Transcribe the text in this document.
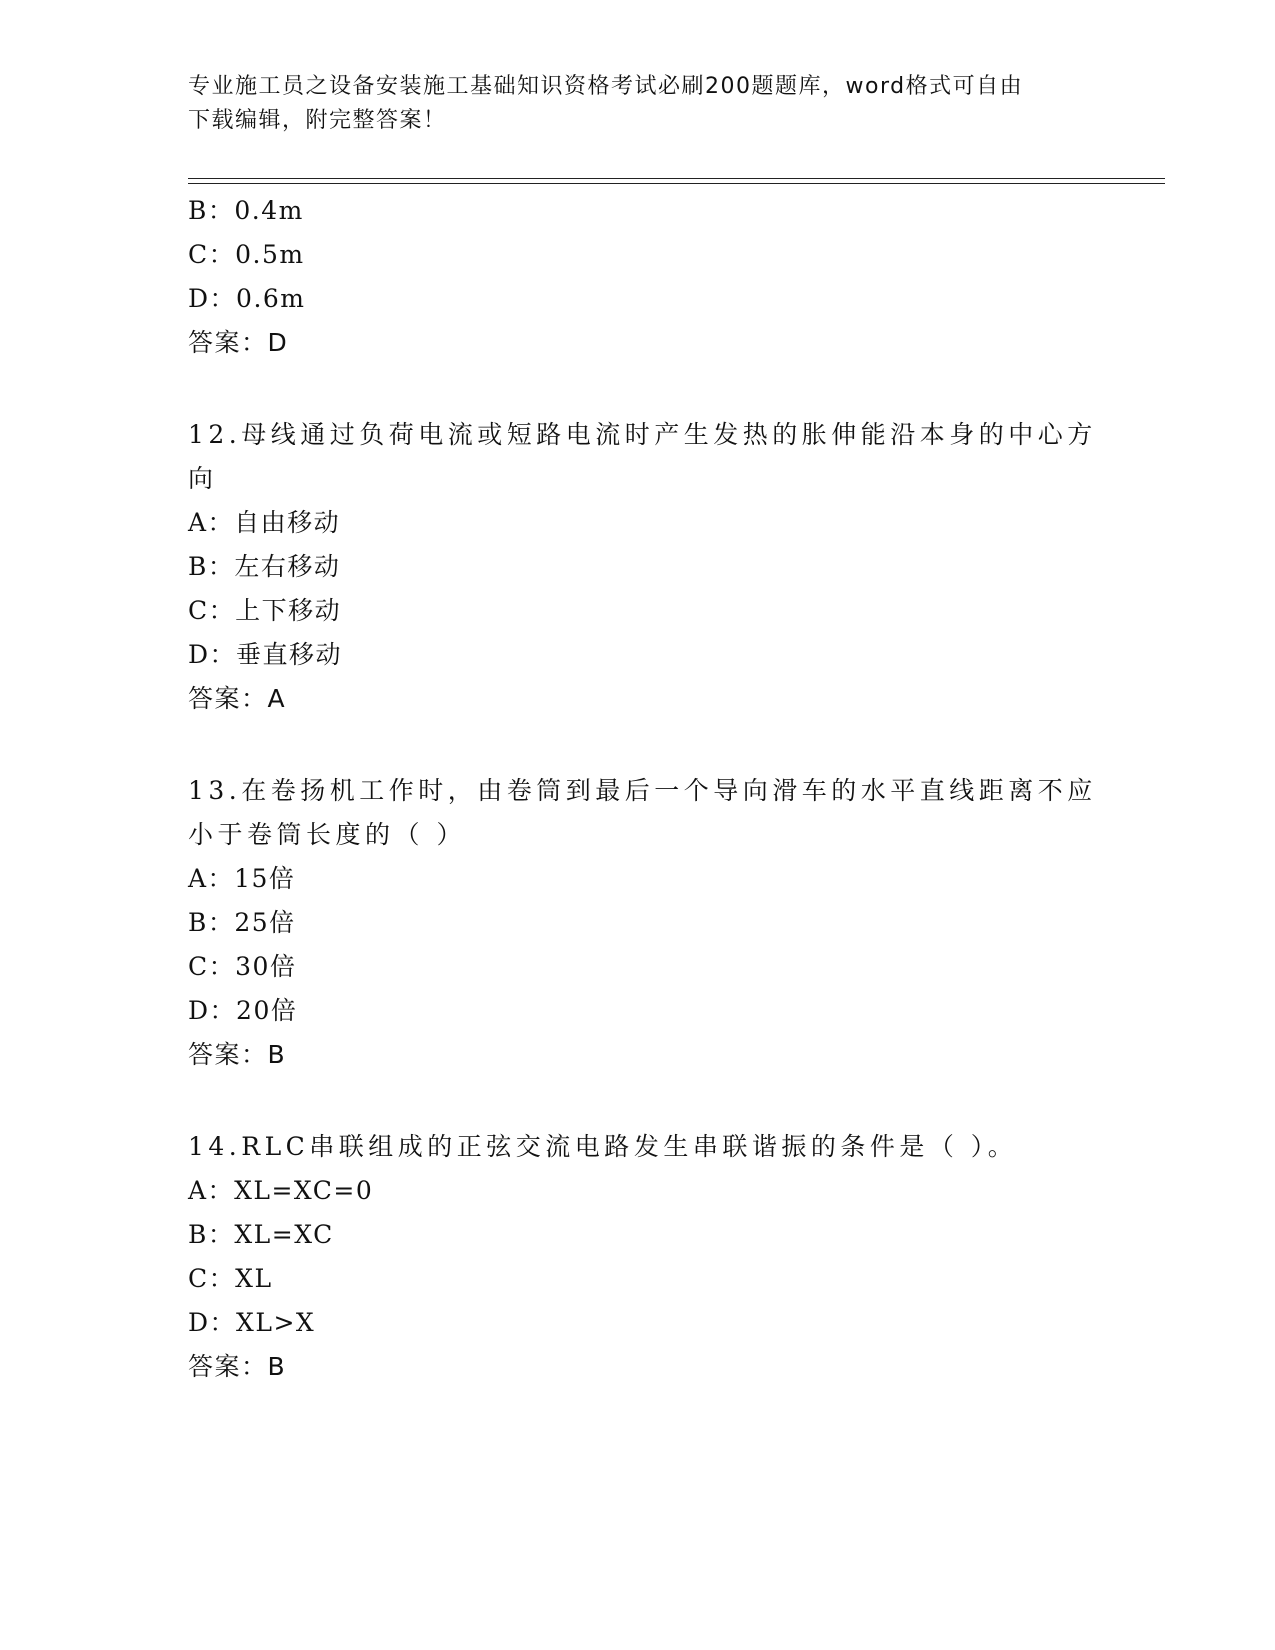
专业施工员之设备安装施工基础知识资格考试必刷200题题库，word格式可自由
下载编辑，附完整答案！
B：0.4m
C：0.5m
D：0.6m
答案：D
12.母线通过负荷电流或短路电流时产生发热的胀伸能沿本身的中心方
向
A：自由移动
B：左右移动
C：上下移动
D：垂直移动
答案：A
13.在卷扬机工作时，由卷筒到最后一个导向滑车的水平直线距离不应
小于卷筒长度的（ ）
A：15倍
B：25倍
C：30倍
D：20倍
答案：B
14.RLC串联组成的正弦交流电路发生串联谐振的条件是（ ）。
A：XL=XC=0
B：XL=XC
C：XL
D：XL>X
答案：B
